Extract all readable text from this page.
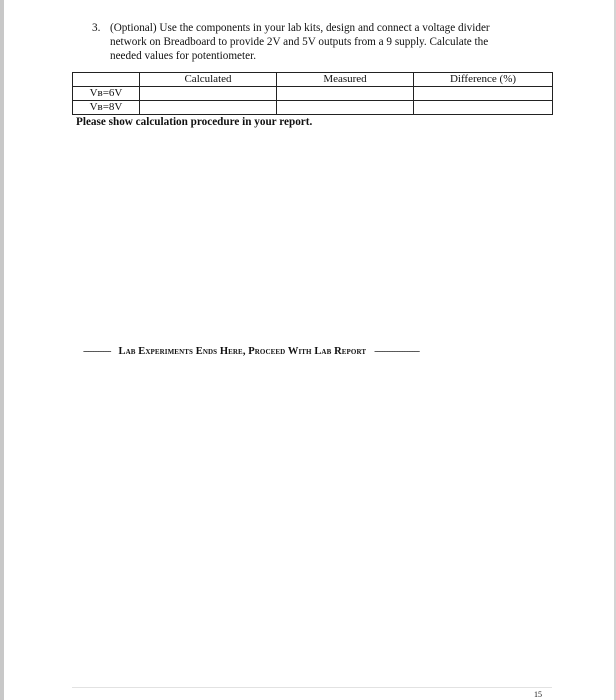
3. (Optional) Use the components in your lab kits, design and connect a voltage divider
network on Breadboard to provide 2V and 5V outputs from a 9 supply. Calculate the
needed values for potentiometer.
	Calculated	Measured	Difference (%)
Vʙ=6V			
Vʙ=8V			
Please show calculation procedure in your report.
----------- Lab Experiments Ends Here, Proceed With Lab Report ------------------
15
